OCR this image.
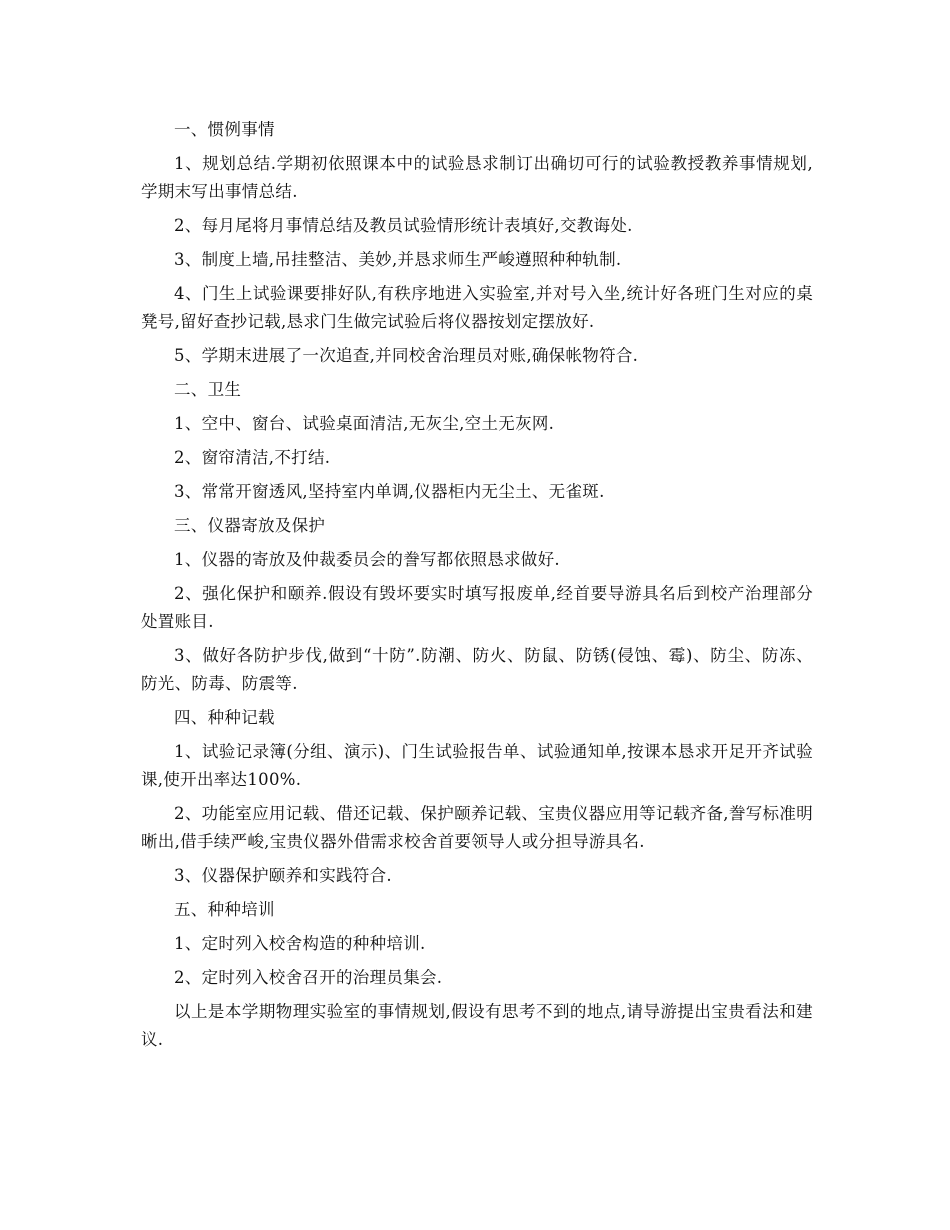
一、惯例事情

1、规划总结.学期初依照课本中的试验恳求制订出确切可行的试验教授教养事情规划,学期末写出事情总结.

2、每月尾将月事情总结及教员试验情形统计表填好,交教诲处.

3、制度上墙,吊挂整洁、美妙,并恳求师生严峻遵照种种轨制.

4、门生上试验课要排好队,有秩序地进入实验室,并对号入坐,统计好各班门生对应的桌凳号,留好查抄记载,恳求门生做完试验后将仪器按划定摆放好.

5、学期末进展了一次追查,并同校舍治理员对账,确保帐物符合.

二、卫生

1、空中、窗台、试验桌面清洁,无灰尘,空土无灰网.

2、窗帘清洁,不打结.

3、常常开窗透风,坚持室内单调,仪器柜内无尘土、无雀斑.

三、仪器寄放及保护

1、仪器的寄放及仲裁委员会的誊写都依照恳求做好.

2、强化保护和颐养.假设有毁坏要实时填写报废单,经首要导游具名后到校产治理部分处置账目.

3、做好各防护步伐,做到“十防”.防潮、防火、防鼠、防锈(侵蚀、霉)、防尘、防冻、防光、防毒、防震等.

四、种种记载

1、试验记录簿(分组、演示)、门生试验报告单、试验通知单,按课本恳求开足开齐试验课,使开出率达100%.

2、功能室应用记载、借还记载、保护颐养记载、宝贵仪器应用等记载齐备,誊写标准明晰出,借手续严峻,宝贵仪器外借需求校舍首要领导人或分担导游具名.

3、仪器保护颐养和实践符合.

五、种种培训

1、定时列入校舍构造的种种培训.

2、定时列入校舍召开的治理员集会.

以上是本学期物理实验室的事情规划,假设有思考不到的地点,请导游提出宝贵看法和建议.
